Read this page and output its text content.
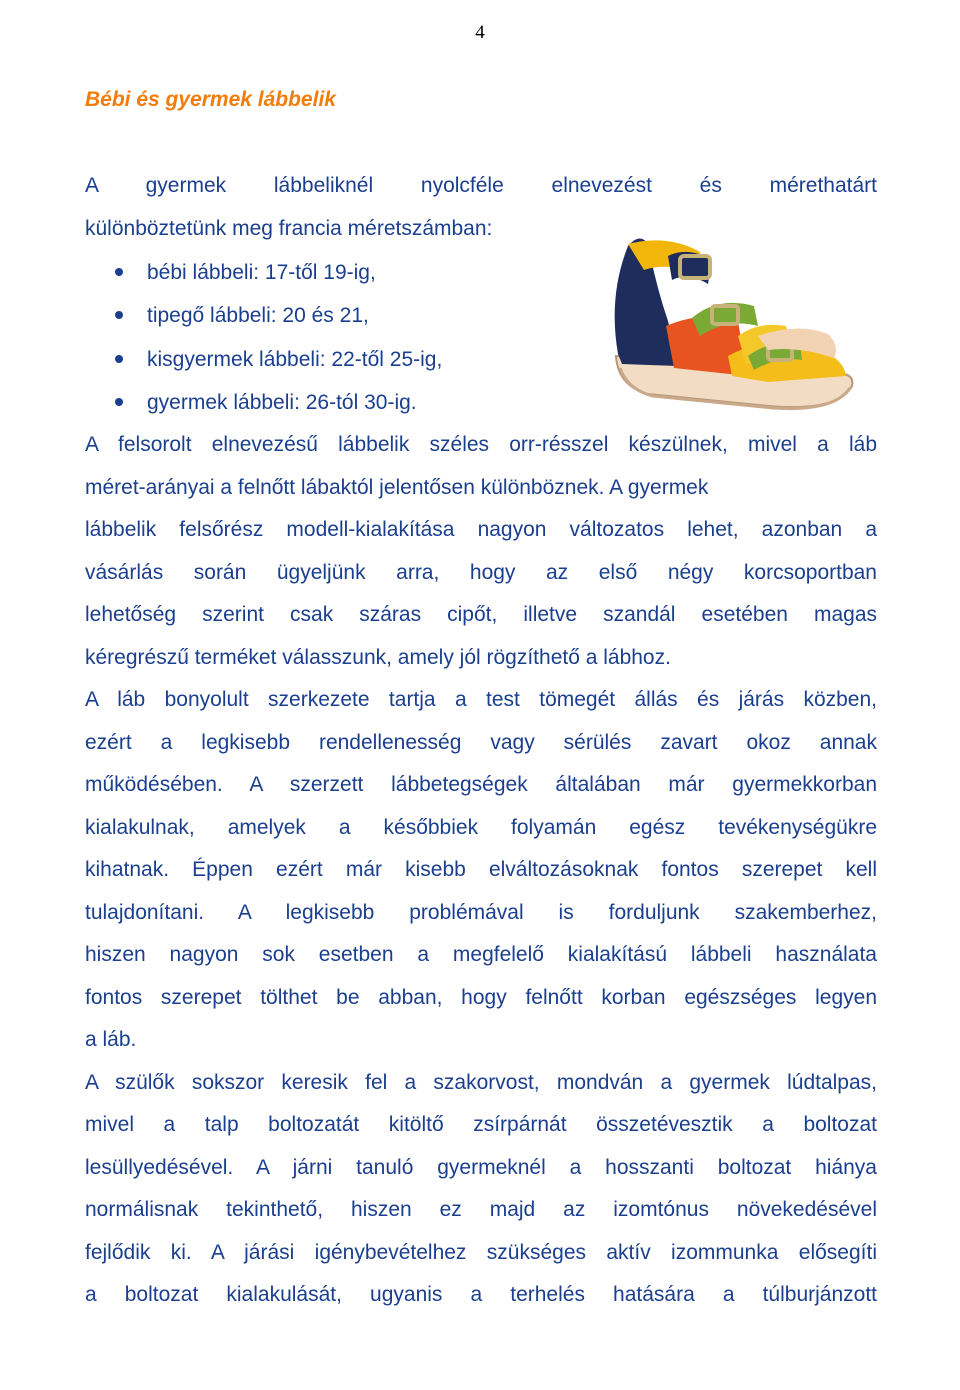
4
Bébi és gyermek lábbelik
A gyermek lábbeliknél nyolcféle elnevezést és mérethatárt
különböztetünk meg francia méretszámban:
bébi lábbeli: 17-től 19-ig,
tipegő lábbeli: 20 és 21,
kisgyermek lábbeli: 22-től 25-ig,
gyermek lábbeli: 26-tól 30-ig.
A felsorolt elnevezésű lábbelik széles orr-résszel készülnek, mivel a láb
méret-arányai a felnőtt lábaktól jelentősen különböznek. A gyermek
lábbelik felsőrész modell-kialakítása nagyon változatos lehet, azonban a
vásárlás során ügyeljünk arra, hogy az első négy korcsoportban
lehetőség szerint csak száras cipőt, illetve szandál esetében magas
kéregrészű terméket válasszunk, amely jól rögzíthető a lábhoz.
A láb bonyolult szerkezete tartja a test tömegét állás és járás közben,
ezért a legkisebb rendellenesség vagy sérülés zavart okoz annak
működésében. A szerzett lábbetegségek általában már gyermekkorban
kialakulnak, amelyek a későbbiek folyamán egész tevékenységükre
kihatnak. Éppen ezért már kisebb elváltozásoknak fontos szerepet kell
tulajdonítani. A legkisebb problémával is forduljunk szakemberhez,
hiszen nagyon sok esetben a megfelelő kialakítású lábbeli használata
fontos szerepet tölthet be abban, hogy felnőtt korban egészséges legyen
a láb.
A szülők sokszor keresik fel a szakorvost, mondván a gyermek lúdtalpas,
mivel a talp boltozatát kitöltő zsírpárnát összetévesztik a boltozat
lesüllyedésével. A járni tanuló gyermeknél a hosszanti boltozat hiánya
normálisnak tekinthető, hiszen ez majd az izomtónus növekedésével
fejlődik ki. A járási igénybevételhez szükséges aktív izommunka elősegíti
a boltozat kialakulását, ugyanis a terhelés hatására a túlburjánzott
